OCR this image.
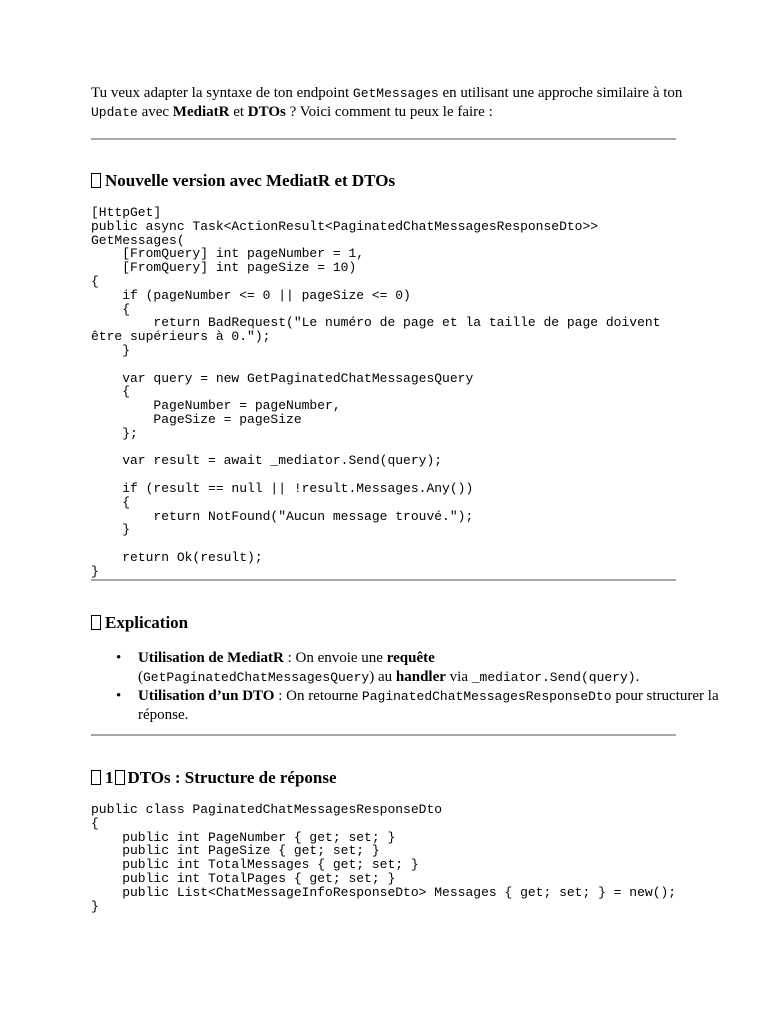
Tu veux adapter la syntaxe de ton endpoint GetMessages en utilisant une approche similaire à ton Update avec MediatR et DTOs ? Voici comment tu peux le faire :

Nouvelle version avec MediatR et DTOs
[HttpGet]
public async Task<ActionResult<PaginatedChatMessagesResponseDto>>
GetMessages(
[FromQuery] int pageNumber = 1,
[FromQuery] int pageSize = 10)
{
if (pageNumber <= 0 || pageSize <= 0)
{
return BadRequest("Le numéro de page et la taille de page doivent
être supérieurs à 0.");
}

var query = new GetPaginatedChatMessagesQuery
{
PageNumber = pageNumber,
PageSize = pageSize
};

var result = await _mediator.Send(query);

if (result == null || !result.Messages.Any())
{
return NotFound("Aucun message trouvé.");
}

return Ok(result);
}
Explication
• Utilisation de MediatR : On envoie une requête
(GetPaginatedChatMessagesQuery) au handler via _mediator.Send(query).
• Utilisation d’un DTO : On retourne PaginatedChatMessagesResponseDto pour structurer la réponse.
1 DTOs : Structure de réponse
public class PaginatedChatMessagesResponseDto
{
public int PageNumber { get; set; }
public int PageSize { get; set; }
public int TotalMessages { get; set; }
public int TotalPages { get; set; }
public List<ChatMessageInfoResponseDto> Messages { get; set; } = new();
}
